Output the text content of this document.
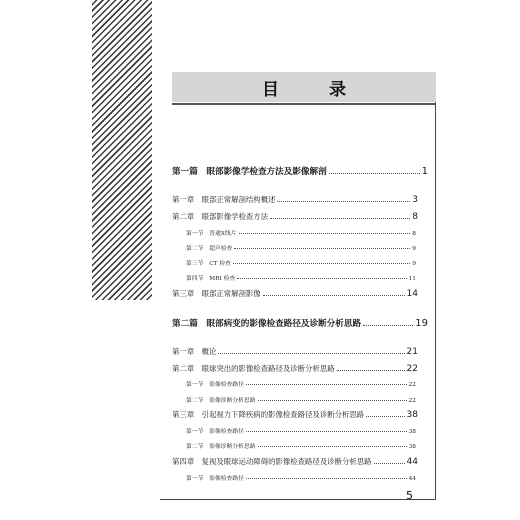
目 录
第一篇　眼部影像学检查方法及影像解剖	1
第一章　眼部正常解剖结构概述	3
第二章　眼部影像学检查方法	8
第一节　普通X线片	8
第二节　超声检查	9
第三节　CT 检查	9
第四节　MRI 检查	11
第三章　眼部正常解剖影像	14
第二篇　眼部病变的影像检查路径及诊断分析思路	19
第一章　概论	21
第二章　眼球突出的影像检查路径及诊断分析思路	22
第一节　影像检查路径	22
第二节　影像诊断分析思路	22
第三章　引起视力下降疾病的影像检查路径及诊断分析思路	38
第一节　影像检查路径	38
第二节　影像诊断分析思路	38
第四章　复视及眼球运动障碍的影像检查路径及诊断分析思路	44
第一节　影像检查路径	44
5
